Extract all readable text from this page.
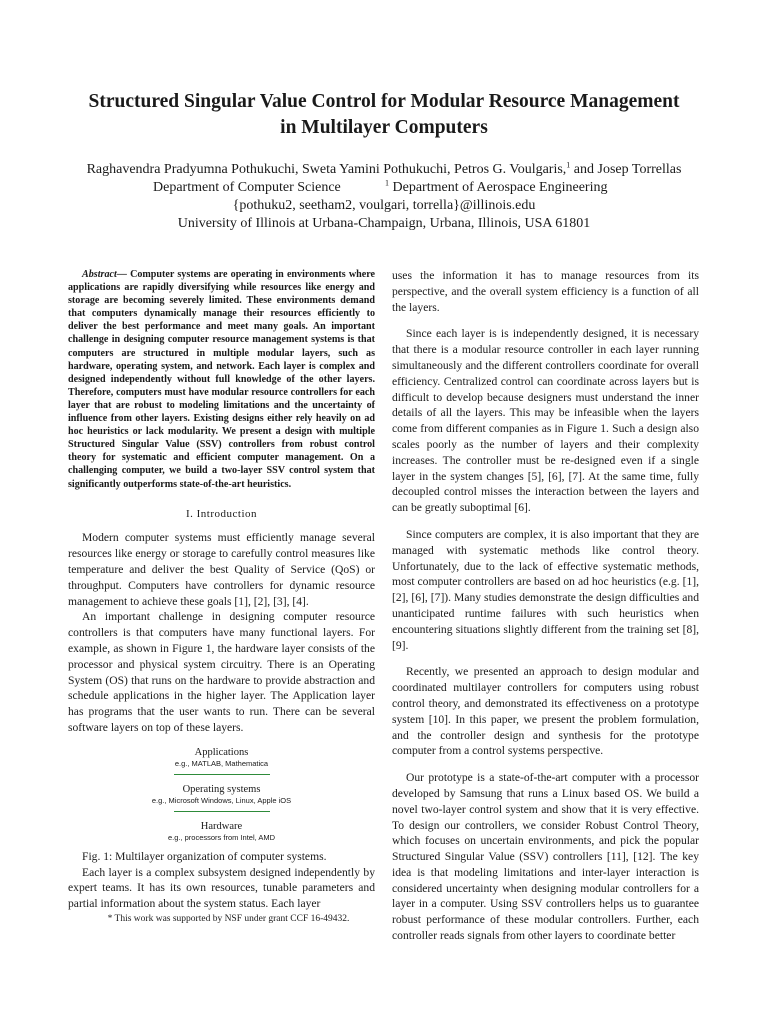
Structured Singular Value Control for Modular Resource Management
in Multilayer Computers
Raghavendra Pradyumna Pothukuchi, Sweta Yamini Pothukuchi, Petros G. Voulgaris,$^1$ and Josep Torrellas
Department of Computer Science	$^1$ Department of Aerospace Engineering
{pothuku2, seetham2, voulgari, torrella}@illinois.edu
University of Illinois at Urbana-Champaign, Urbana, Illinois, USA 61801

Abstract— Computer systems are operating in environments where applications are rapidly diversifying while resources like energy and storage are becoming severely limited. These environments demand that computers dynamically manage their resources efficiently to deliver the best performance and meet many goals. An important challenge in designing computer resource management systems is that computers are structured in multiple modular layers, such as hardware, operating system, and network. Each layer is complex and designed independently without full knowledge of the other layers. Therefore, computers must have modular resource controllers for each layer that are robust to modeling limitations and the uncertainty of influence from other layers. Existing designs either rely heavily on ad hoc heuristics or lack modularity. We present a design with multiple Structured Singular Value (SSV) controllers from robust control theory for systematic and efficient computer management. On a challenging computer, we build a two-layer SSV control system that significantly outperforms state-of-the-art heuristics.

I. Introduction

Modern computer systems must efficiently manage several resources like energy or storage to carefully control measures like temperature and deliver the best Quality of Service (QoS) or throughput. Computers have controllers for dynamic resource management to achieve these goals [1], [2], [3], [4].

An important challenge in designing computer resource controllers is that computers have many functional layers. For example, as shown in Figure 1, the hardware layer consists of the processor and physical system circuitry. There is an Operating System (OS) that runs on the hardware to provide abstraction and schedule applications in the higher layer. The Application layer has programs that the user wants to run. There can be several software layers on top of these layers.

Applications
e.g., MATLAB, Mathematica
Operating systems
e.g., Microsoft Windows, Linux, Apple iOS
Hardware
e.g., processors from Intel, AMD

Fig. 1: Multilayer organization of computer systems.

Each layer is a complex subsystem designed independently by expert teams. It has its own resources, tunable parameters and partial information about the system status. Each layer

* This work was supported by NSF under grant CCF 16-49432.

uses the information it has to manage resources from its perspective, and the overall system efficiency is a function of all the layers.

Since each layer is is independently designed, it is necessary that there is a modular resource controller in each layer running simultaneously and the different controllers coordinate for overall efficiency. Centralized control can coordinate across layers but is difficult to develop because designers must understand the inner details of all the layers. This may be infeasible when the layers come from different companies as in Figure 1. Such a design also scales poorly as the number of layers and their complexity increases. The controller must be re-designed even if a single layer in the system changes [5], [6], [7]. At the same time, fully decoupled control misses the interaction between the layers and can be greatly suboptimal [6].

Since computers are complex, it is also important that they are managed with systematic methods like control theory. Unfortunately, due to the lack of effective systematic methods, most computer controllers are based on ad hoc heuristics (e.g. [1], [2], [6], [7]). Many studies demonstrate the design difficulties and unanticipated runtime failures with such heuristics when encountering situations slightly different from the training set [8], [9].

Recently, we presented an approach to design modular and coordinated multilayer controllers for computers using robust control theory, and demonstrated its effectiveness on a prototype system [10]. In this paper, we present the problem formulation, and the controller design and synthesis for the prototype computer from a control systems perspective.

Our prototype is a state-of-the-art computer with a processor developed by Samsung that runs a Linux based OS. We build a novel two-layer control system and show that it is very effective. To design our controllers, we consider Robust Control Theory, which focuses on uncertain environments, and pick the popular Structured Singular Value (SSV) controllers [11], [12]. The key idea is that modeling limitations and inter-layer interaction is considered uncertainty when designing modular controllers for a layer in a computer. Using SSV controllers helps us to guarantee robust performance of these modular controllers. Further, each controller reads signals from other layers to coordinate better
